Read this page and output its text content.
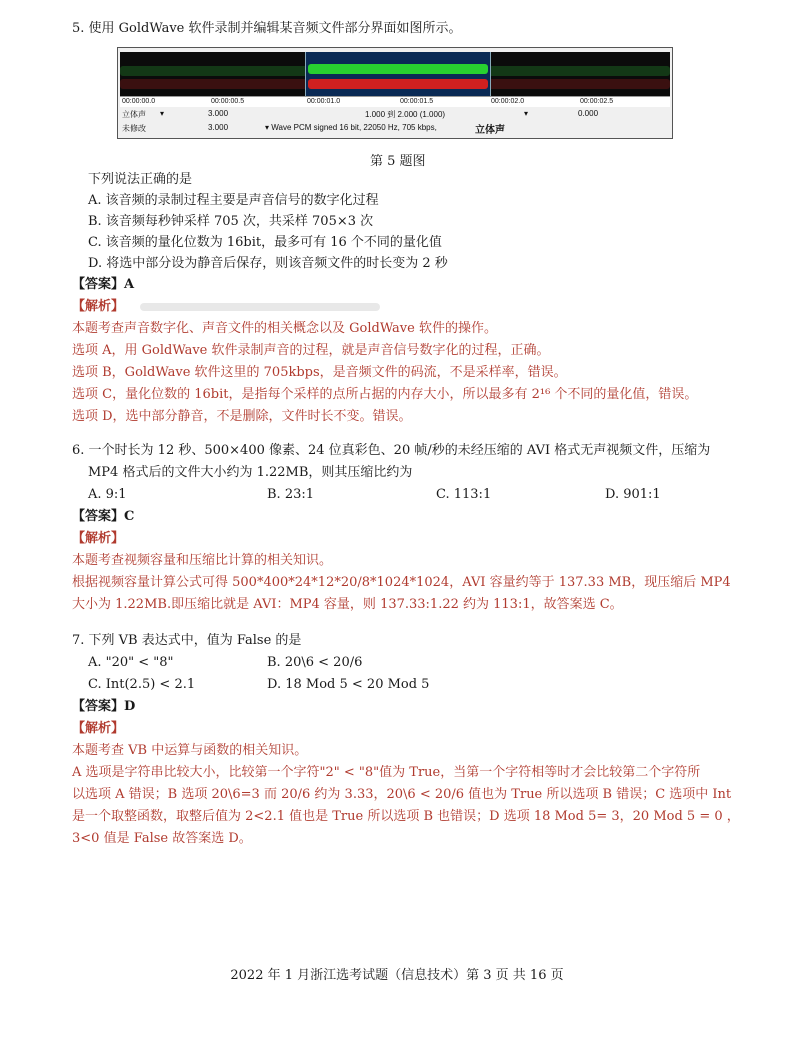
5. 使用 GoldWave 软件录制并编辑某音频文件部分界面如图所示。
00:00:00.0	00:00:00.5	00:00:01.0	00:00:01.5	00:00:02.0	00:00:02.5
立体声 ▾	3.000	1.000 到 2.000 (1.000)	▾	0.000
未修改	3.000	▾ Wave PCM signed 16 bit, 22050 Hz, 705 kbps,	立体声
第 5 题图
下列说法正确的是
A. 该音频的录制过程主要是声音信号的数字化过程
B. 该音频每秒钟采样 705 次，共采样 705×3 次
C. 该音频的量化位数为 16bit，最多可有 16 个不同的量化值
D. 将选中部分设为静音后保存，则该音频文件的时长变为 2 秒
【答案】A
【解析】
本题考查声音数字化、声音文件的相关概念以及 GoldWave 软件的操作。
选项 A，用 GoldWave 软件录制声音的过程，就是声音信号数字化的过程，正确。
选项 B，GoldWave 软件这里的 705kbps，是音频文件的码流，不是采样率，错误。
选项 C，量化位数的 16bit，是指每个采样的点所占据的内存大小，所以最多有 2¹⁶ 个不同的量化值，错误。
选项 D，选中部分静音，不是删除，文件时长不变。错误。
6. 一个时长为 12 秒、500×400 像素、24 位真彩色、20 帧/秒的未经压缩的 AVI 格式无声视频文件，压缩为
MP4 格式后的文件大小约为 1.22MB，则其压缩比约为
A. 9:1	B. 23:1	C. 113:1	D. 901:1
【答案】C
【解析】
本题考查视频容量和压缩比计算的相关知识。
根据视频容量计算公式可得 500*400*24*12*20/8*1024*1024，AVI 容量约等于 137.33 MB，现压缩后 MP4
大小为 1.22MB.即压缩比就是 AVI：MP4 容量，则 137.33:1.22 约为 113:1，故答案选 C。
7. 下列 VB 表达式中，值为 False 的是
A. "20" < "8"	B. 20\6 < 20/6
C. Int(2.5) < 2.1	D. 18 Mod 5 < 20 Mod 5
【答案】D
【解析】
本题考查 VB 中运算与函数的相关知识。
A 选项是字符串比较大小，比较第一个字符"2" < "8"值为 True，当第一个字符相等时才会比较第二个字符所
以选项 A 错误；B 选项 20\6=3 而 20/6 约为 3.33，20\6 < 20/6 值也为 True 所以选项 B 错误；C 选项中 Int
是一个取整函数，取整后值为 2<2.1 值也是 True 所以选项 B 也错误；D 选项 18 Mod 5= 3，20 Mod 5 = 0 ，
3<0 值是 False 故答案选 D。
2022 年 1 月浙江选考试题（信息技术）第 3 页 共 16 页
